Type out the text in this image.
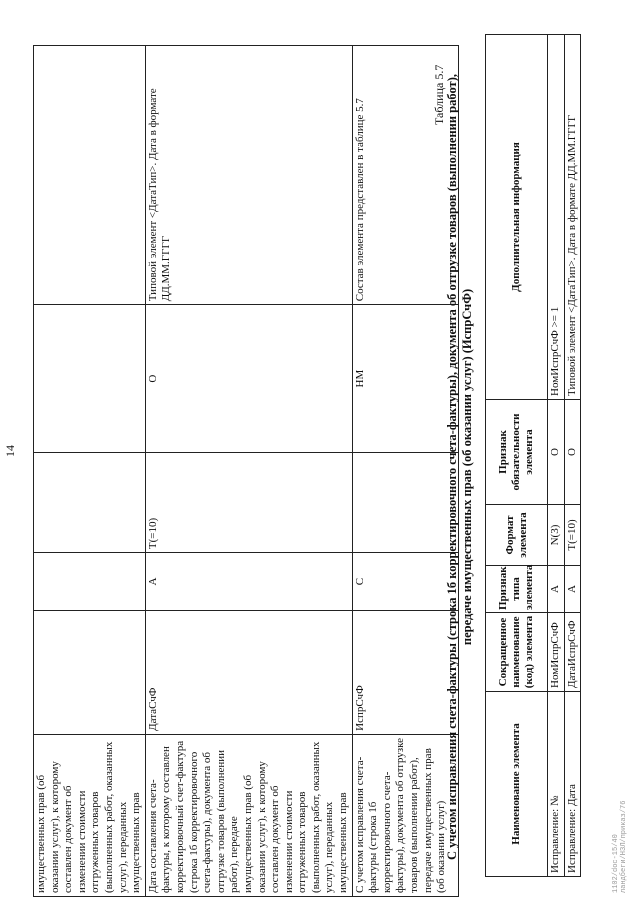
14
имущественных прав (об оказании услуг), к которому составлен документ об изменении стоимости отгруженных товаров (выполненных работ, оказанных услуг), переданных имущественных прав					
Дата составления счета-фактуры, к которому составлен корректировочный счет-фактура (строка 1б корректировочного счета-фактуры), документа об отгрузке товаров (выполнении работ), передаче имущественных прав (об оказании услуг), к которому составлен документ об изменении стоимости отгруженных товаров (выполненных работ, оказанных услуг), переданных имущественных прав	ДатаСчФ	А	T(=10)	О	Типовой элемент <ДатаТип>. Дата в формате ДД.ММ.ГГГГ
С учетом исправления счета-фактуры (строка 1б корректировочного счета-фактуры), документа об отгрузке товаров (выполнении работ), передаче имущественных прав (об оказании услуг)	ИспрСчФ	С		НМ	Состав элемента представлен в таблице 5.7
Таблица 5.7 С учетом исправления счета-фактуры (строка 1б корректировочного счета-фактуры), документа об отгрузке товаров (выполнении работ), передаче имущественных прав (об оказании услуг) (ИспрСчФ)
Наименование элемента	Сокращенное наименование (код) элемента	Признак типа элемента	Формат элемента	Признак обязательности элемента	Дополнительная информация
Исправление: №	НомИспрСчФ	А	N(3)	О	НомИспрСчФ >= 1
Исправление: Дата	ДатаИспрСчФ	А	T(=10)	О	Типовой элемент <ДатаТип>. Дата в формате ДД.ММ.ГГГГ
1102/doc-15/40 ландбеги/НЗЛ/приказ/76
